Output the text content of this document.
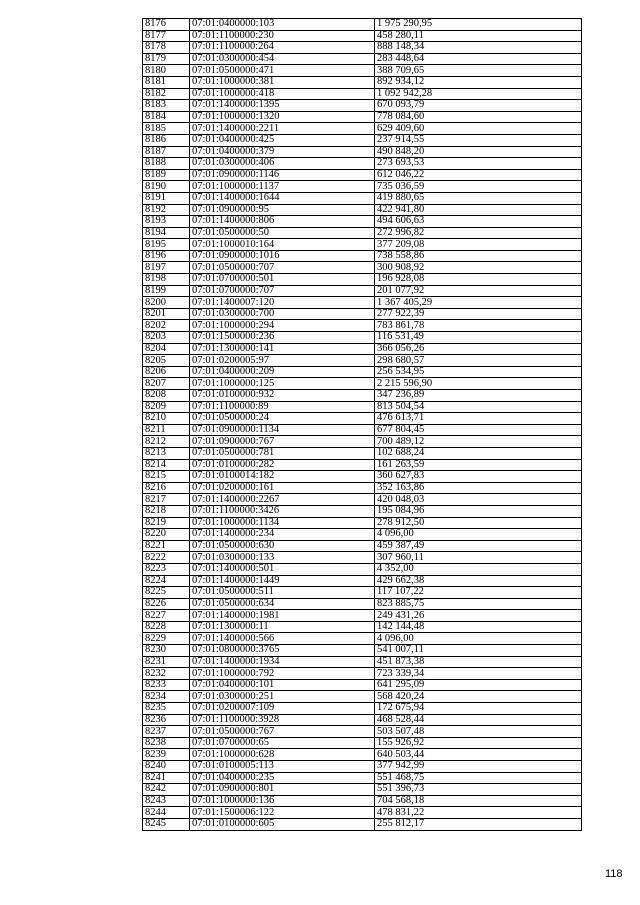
8176	07:01:0400000:103	1 975 290,95
8177	07:01:1100000:230	458 280,11
8178	07:01:1100000:264	888 148,34
8179	07:01:0300000:454	283 448,64
8180	07:01:0500000:471	388 709,65
8181	07:01:1000000:381	892 934,12
8182	07:01:1000000:418	1 092 942,28
8183	07:01:1400000:1395	670 093,79
8184	07:01:1000000:1320	778 084,60
8185	07:01:1400000:2211	629 409,60
8186	07:01:0400000:425	237 914,55
8187	07:01:0400000:379	490 848,20
8188	07:01:0300000:406	273 693,53
8189	07:01:0900000:1146	612 046,22
8190	07:01:1000000:1137	735 036,59
8191	07:01:1400000:1644	419 880,65
8192	07:01:0900000:95	422 941,80
8193	07:01:1400000:806	494 606,63
8194	07:01:0500000:50	272 996,82
8195	07:01:1000010:164	377 209,08
8196	07:01:0900000:1016	738 558,86
8197	07:01:0500000:707	300 908,92
8198	07:01:0700000:501	196 928,08
8199	07:01:0700000:707	201 077,92
8200	07:01:1400007:120	1 367 405,29
8201	07:01:0300000:700	277 922,39
8202	07:01:1000000:294	783 861,78
8203	07:01:1500000:236	116 531,49
8204	07:01:1300000:141	366 056,26
8205	07:01:0200005:97	298 680,57
8206	07:01:0400000:209	256 534,95
8207	07:01:1000000:125	2 215 596,90
8208	07:01:0100000:932	347 236,89
8209	07:01:1100000:89	813 504,54
8210	07:01:0500000:24	476 613,71
8211	07:01:0900000:1134	677 804,45
8212	07:01:0900000:767	700 489,12
8213	07:01:0500000:781	102 688,24
8214	07:01:0100000:282	161 263,59
8215	07:01:0100014:182	360 627,83
8216	07:01:0200000:161	352 163,86
8217	07:01:1400000:2267	420 048,03
8218	07:01:1100000:3426	195 084,96
8219	07:01:1000000:1134	278 912,50
8220	07:01:1400000:234	4 096,00
8221	07:01:0500000:630	459 387,49
8222	07:01:0300000:133	307 960,11
8223	07:01:1400000:501	4 352,00
8224	07:01:1400000:1449	429 662,38
8225	07:01:0500000:511	117 107,22
8226	07:01:0500000:634	823 885,75
8227	07:01:1400000:1981	249 431,26
8228	07:01:1300000:11	142 144,48
8229	07:01:1400000:566	4 096,00
8230	07:01:0800000:3765	541 007,11
8231	07:01:1400000:1934	451 873,38
8232	07:01:1000000:792	723 339,34
8233	07:01:0400000:101	641 295,09
8234	07:01:0300000:251	568 420,24
8235	07:01:0200007:109	172 675,94
8236	07:01:1100000:3928	468 528,44
8237	07:01:0500000:767	503 507,48
8238	07:01:0700000:65	155 926,92
8239	07:01:1000000:628	640 503,44
8240	07:01:0100005:113	377 942,99
8241	07:01:0400000:235	551 468,75
8242	07:01:0900000:801	551 396,73
8243	07:01:1000000:136	704 568,18
8244	07:01:1500006:122	478 831,22
8245	07:01:0100000:605	255 812,17
118
